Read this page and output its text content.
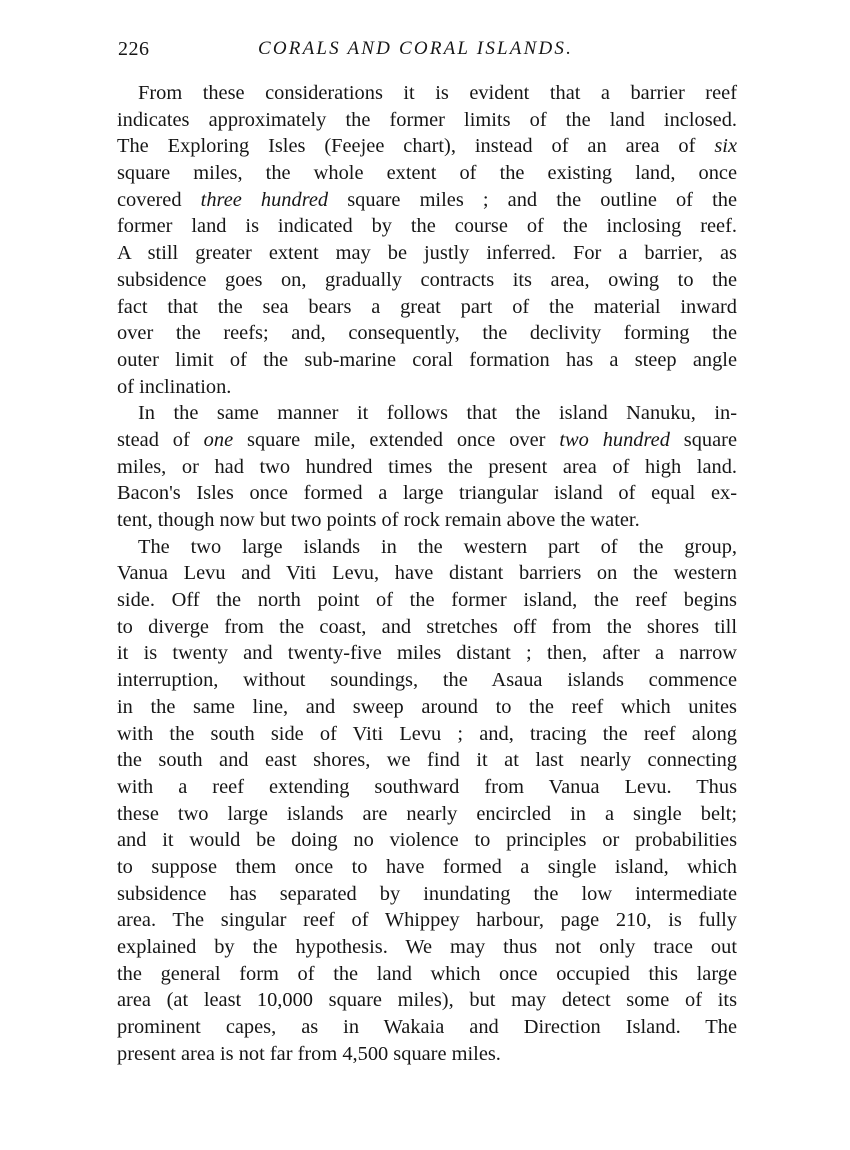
226	CORALS AND CORAL ISLANDS.
From these considerations it is evident that a barrier reef
indicates approximately the former limits of the land inclosed.
The Exploring Isles (Feejee chart), instead of an area of six
square miles, the whole extent of the existing land, once
covered three hundred square miles ; and the outline of the
former land is indicated by the course of the inclosing reef.
A still greater extent may be justly inferred. For a barrier, as
subsidence goes on, gradually contracts its area, owing to the
fact that the sea bears a great part of the material inward
over the reefs; and, consequently, the declivity forming the
outer limit of the sub-marine coral formation has a steep angle
of inclination.
In the same manner it follows that the island Nanuku, in-
stead of one square mile, extended once over two hundred square
miles, or had two hundred times the present area of high land.
Bacon's Isles once formed a large triangular island of equal ex-
tent, though now but two points of rock remain above the water.
The two large islands in the western part of the group,
Vanua Levu and Viti Levu, have distant barriers on the western
side. Off the north point of the former island, the reef begins
to diverge from the coast, and stretches off from the shores till
it is twenty and twenty-five miles distant ; then, after a narrow
interruption, without soundings, the Asaua islands commence
in the same line, and sweep around to the reef which unites
with the south side of Viti Levu ; and, tracing the reef along
the south and east shores, we find it at last nearly connecting
with a reef extending southward from Vanua Levu. Thus
these two large islands are nearly encircled in a single belt;
and it would be doing no violence to principles or probabilities
to suppose them once to have formed a single island, which
subsidence has separated by inundating the low intermediate
area. The singular reef of Whippey harbour, page 210, is fully
explained by the hypothesis. We may thus not only trace out
the general form of the land which once occupied this large
area (at least 10,000 square miles), but may detect some of its
prominent capes, as in Wakaia and Direction Island. The
present area is not far from 4,500 square miles.
